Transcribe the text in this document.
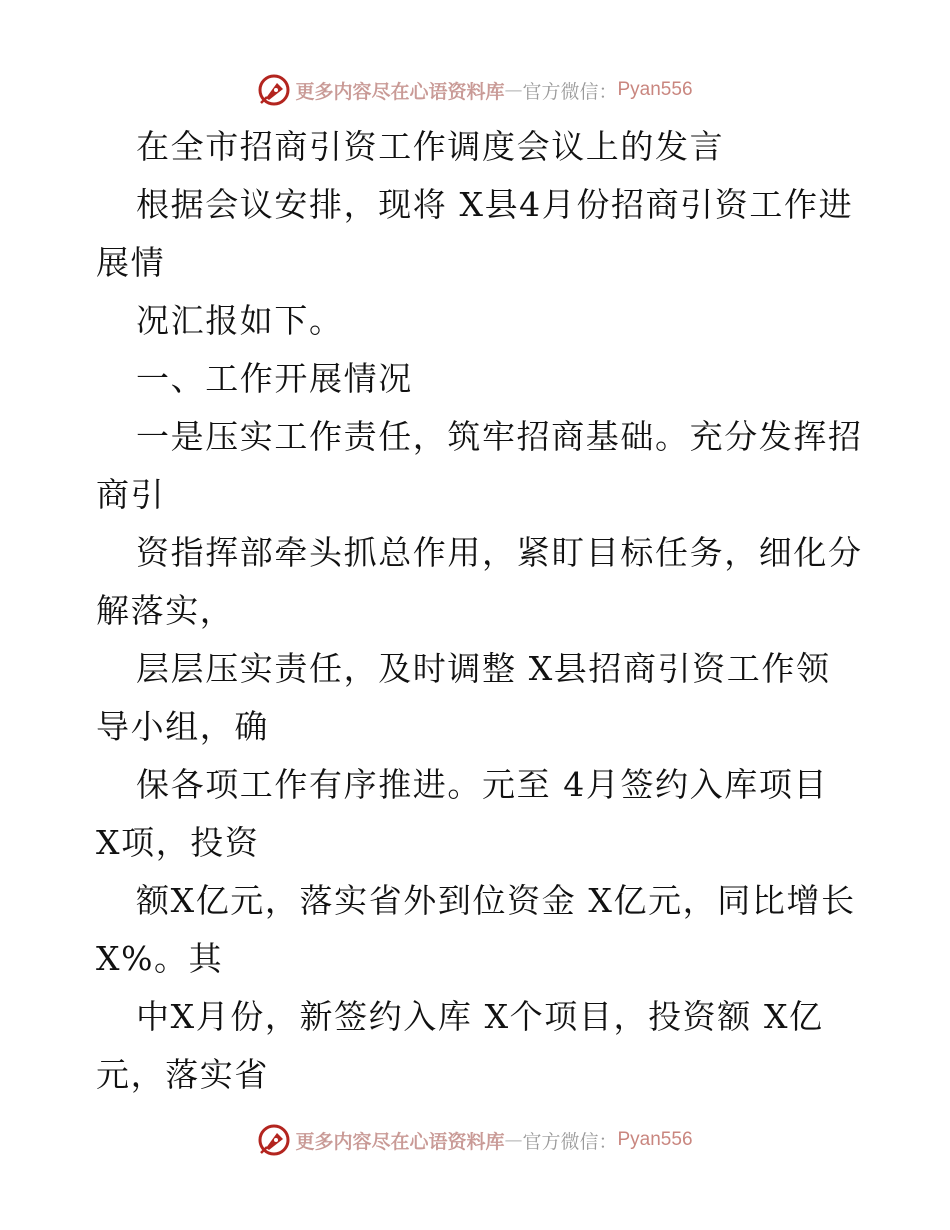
更多内容尽在心语资料库 — 官方微信： Pyan556
在全市招商引资工作调度会议上的发言
根据会议安排，现将 X县4月份招商引资工作进
展情
况汇报如下。
一、工作开展情况
一是压实工作责任，筑牢招商基础。充分发挥招
商引
资指挥部牵头抓总作用，紧盯目标任务，细化分
解落实，
层层压实责任，及时调整 X县招商引资工作领
导小组，确
保各项工作有序推进。元至 4月签约入库项目
X项，投资
额X亿元，落实省外到位资金 X亿元，同比增长
X%。其
中X月份，新签约入库 X个项目，投资额 X亿
元，落实省
更多内容尽在心语资料库 — 官方微信： Pyan556
